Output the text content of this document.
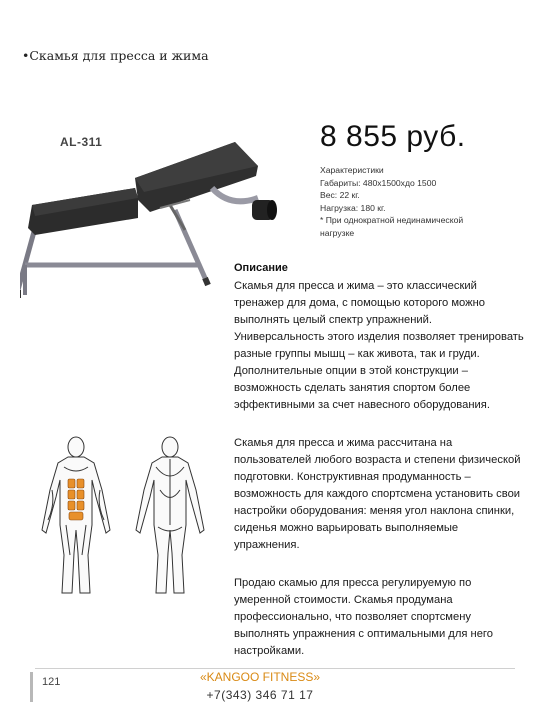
•Скамья для пресса и жима
AL-311	8 855 руб.
Характеристики
Габариты: 480х1500хдо 1500
Вес: 22 кг.
Нагрузка: 180 кг.
* При однократной нединамической нагрузке
Описание
Скамья для пресса и жима – это классический тренажер для дома, с помощью которого можно выполнять целый спектр упражнений. Универсальность этого изделия позволяет тренировать разные группы мышц – как живота, так и груди. Дополнительные опции в этой конструкции – возможность сделать занятия спортом более эффективными за счет навесного оборудования.
Скамья для пресса и жима рассчитана на пользователей любого возраста и степени физической подготовки. Конструктивная продуманность – возможность для каждого спортсмена установить свои настройки оборудования: меняя угол наклона спинки, сиденья можно варьировать выполняемые упражнения.
Продаю скамью для пресса регулируемую по умеренной стоимости. Скамья продумана профессионально, что позволяет спортсмену выполнять упражнения с оптимальными для него настройками.
121	«KANGOO FITNESS»
+7(343) 346 71 17
